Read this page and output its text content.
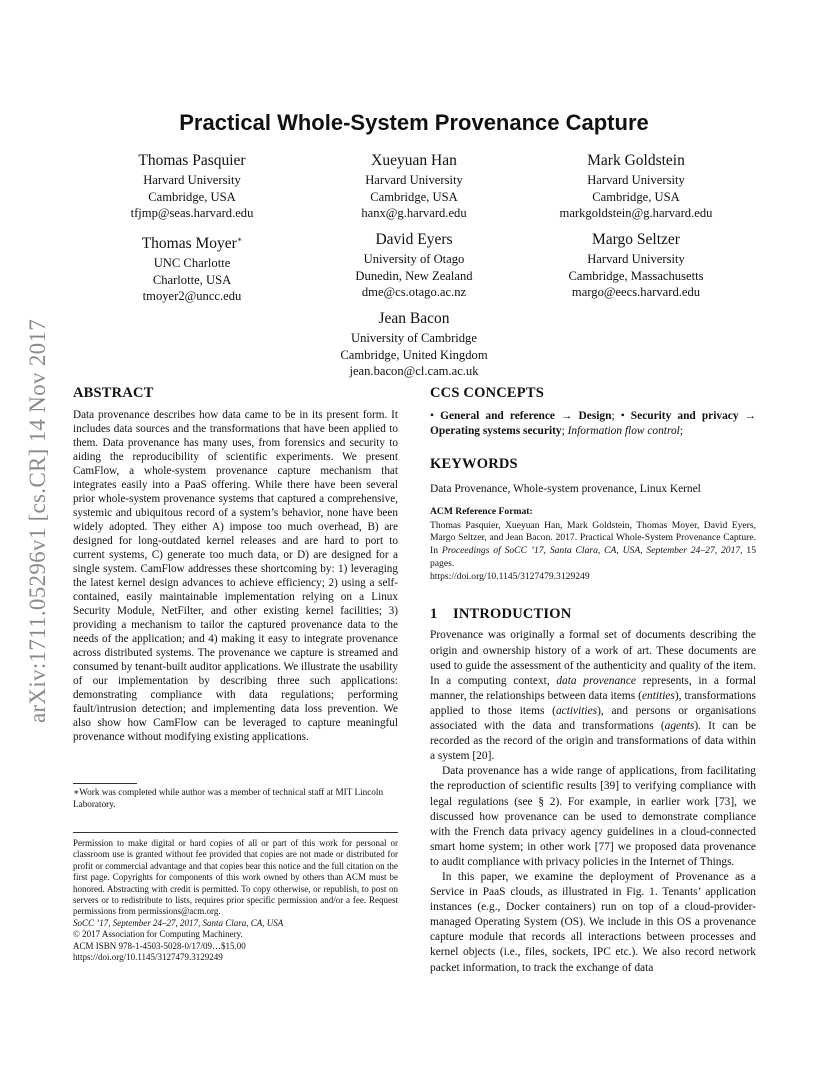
arXiv:1711.05296v1 [cs.CR] 14 Nov 2017
Practical Whole-System Provenance Capture
Thomas Pasquier
Harvard University
Cambridge, USA
tfjmp@seas.harvard.edu
Xueyuan Han
Harvard University
Cambridge, USA
hanx@g.harvard.edu
Mark Goldstein
Harvard University
Cambridge, USA
markgoldstein@g.harvard.edu
Thomas Moyer∗
UNC Charlotte
Charlotte, USA
tmoyer2@uncc.edu
David Eyers
University of Otago
Dunedin, New Zealand
dme@cs.otago.ac.nz
Margo Seltzer
Harvard University
Cambridge, Massachusetts
margo@eecs.harvard.edu
Jean Bacon
University of Cambridge
Cambridge, United Kingdom
jean.bacon@cl.cam.ac.uk
ABSTRACT
Data provenance describes how data came to be in its present form. It includes data sources and the transformations that have been applied to them. Data provenance has many uses, from forensics and security to aiding the reproducibility of scientific experiments. We present CamFlow, a whole-system provenance capture mechanism that integrates easily into a PaaS offering. While there have been several prior whole-system provenance systems that captured a comprehensive, systemic and ubiquitous record of a system’s behavior, none have been widely adopted. They either A) impose too much overhead, B) are designed for long-outdated kernel releases and are hard to port to current systems, C) generate too much data, or D) are designed for a single system. CamFlow addresses these shortcoming by: 1) leveraging the latest kernel design advances to achieve efficiency; 2) using a self-contained, easily maintainable implementation relying on a Linux Security Module, NetFilter, and other existing kernel facilities; 3) providing a mechanism to tailor the captured provenance data to the needs of the application; and 4) making it easy to integrate provenance across distributed systems. The provenance we capture is streamed and consumed by tenant-built auditor applications. We illustrate the usability of our implementation by describing three such applications: demonstrating compliance with data regulations; performing fault/intrusion detection; and implementing data loss prevention. We also show how CamFlow can be leveraged to capture meaningful provenance without modifying existing applications.
∗Work was completed while author was a member of technical staff at MIT Lincoln Laboratory.
Permission to make digital or hard copies of all or part of this work for personal or classroom use is granted without fee provided that copies are not made or distributed for profit or commercial advantage and that copies bear this notice and the full citation on the first page. Copyrights for components of this work owned by others than ACM must be honored. Abstracting with credit is permitted. To copy otherwise, or republish, to post on servers or to redistribute to lists, requires prior specific permission and/or a fee. Request permissions from permissions@acm.org.
SoCC ’17, September 24–27, 2017, Santa Clara, CA, USA
© 2017 Association for Computing Machinery.
ACM ISBN 978-1-4503-5028-0/17/09…$15.00
https://doi.org/10.1145/3127479.3129249
CCS CONCEPTS
• General and reference → Design; • Security and privacy → Operating systems security; Information flow control;
KEYWORDS
Data Provenance, Whole-system provenance, Linux Kernel
ACM Reference Format:
Thomas Pasquier, Xueyuan Han, Mark Goldstein, Thomas Moyer, David Eyers, Margo Seltzer, and Jean Bacon. 2017. Practical Whole-System Provenance Capture. In Proceedings of SoCC ’17, Santa Clara, CA, USA, September 24–27, 2017, 15 pages.
https://doi.org/10.1145/3127479.3129249
1 INTRODUCTION

Provenance was originally a formal set of documents describing the origin and ownership history of a work of art. These documents are used to guide the assessment of the authenticity and quality of the item. In a computing context, data provenance represents, in a formal manner, the relationships between data items (entities), transformations applied to those items (activities), and persons or organisations associated with the data and transformations (agents). It can be recorded as the record of the origin and transformations of data within a system [20].

Data provenance has a wide range of applications, from facilitating the reproduction of scientific results [39] to verifying compliance with legal regulations (see § 2). For example, in earlier work [73], we discussed how provenance can be used to demonstrate compliance with the French data privacy agency guidelines in a cloud-connected smart home system; in other work [77] we proposed data provenance to audit compliance with privacy policies in the Internet of Things.

In this paper, we examine the deployment of Provenance as a Service in PaaS clouds, as illustrated in Fig. 1. Tenants’ application instances (e.g., Docker containers) run on top of a cloud-provider-managed Operating System (OS). We include in this OS a provenance capture module that records all interactions between processes and kernel objects (i.e., files, sockets, IPC etc.). We also record network packet information, to track the exchange of data
